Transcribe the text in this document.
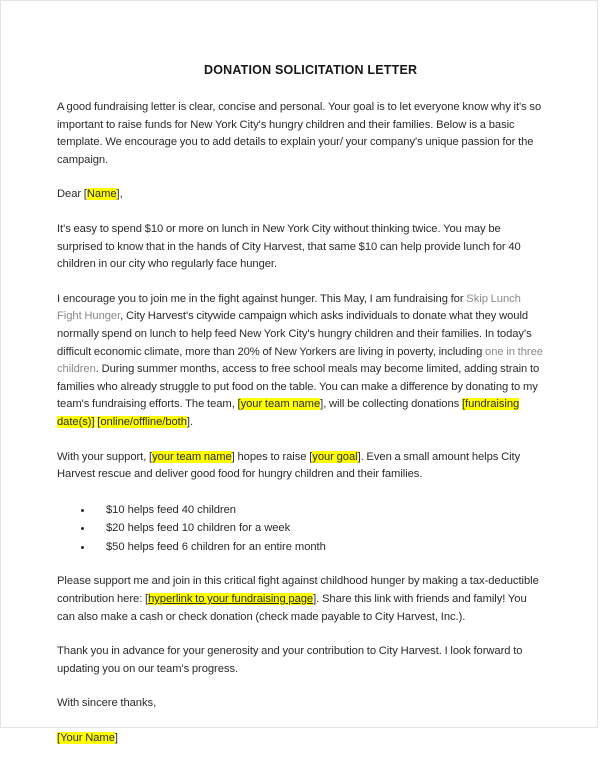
DONATION SOLICITATION LETTER

A good fundraising letter is clear, concise and personal. Your goal is to let everyone know why it's so important to raise funds for New York City's hungry children and their families. Below is a basic template. We encourage you to add details to explain your/ your company's unique passion for the campaign.

Dear [Name],

It's easy to spend $10 or more on lunch in New York City without thinking twice. You may be surprised to know that in the hands of City Harvest, that same $10 can help provide lunch for 40 children in our city who regularly face hunger.

I encourage you to join me in the fight against hunger. This May, I am fundraising for Skip Lunch Fight Hunger, City Harvest's citywide campaign which asks individuals to donate what they would normally spend on lunch to help feed New York City's hungry children and their families. In today's difficult economic climate, more than 20% of New Yorkers are living in poverty, including one in three children. During summer months, access to free school meals may become limited, adding strain to families who already struggle to put food on the table. You can make a difference by donating to my team's fundraising efforts. The team, [your team name], will be collecting donations [fundraising date(s)] [online/offline/both].

With your support, [your team name] hopes to raise [your goal]. Even a small amount helps City Harvest rescue and deliver good food for hungry children and their families.

$10 helps feed 40 children
$20 helps feed 10 children for a week
$50 helps feed 6 children for an entire month

Please support me and join in this critical fight against childhood hunger by making a tax-deductible contribution here: [hyperlink to your fundraising page]. Share this link with friends and family! You can also make a cash or check donation (check made payable to City Harvest, Inc.).

Thank you in advance for your generosity and your contribution to City Harvest. I look forward to updating you on our team's progress.

With sincere thanks,

[Your Name]
